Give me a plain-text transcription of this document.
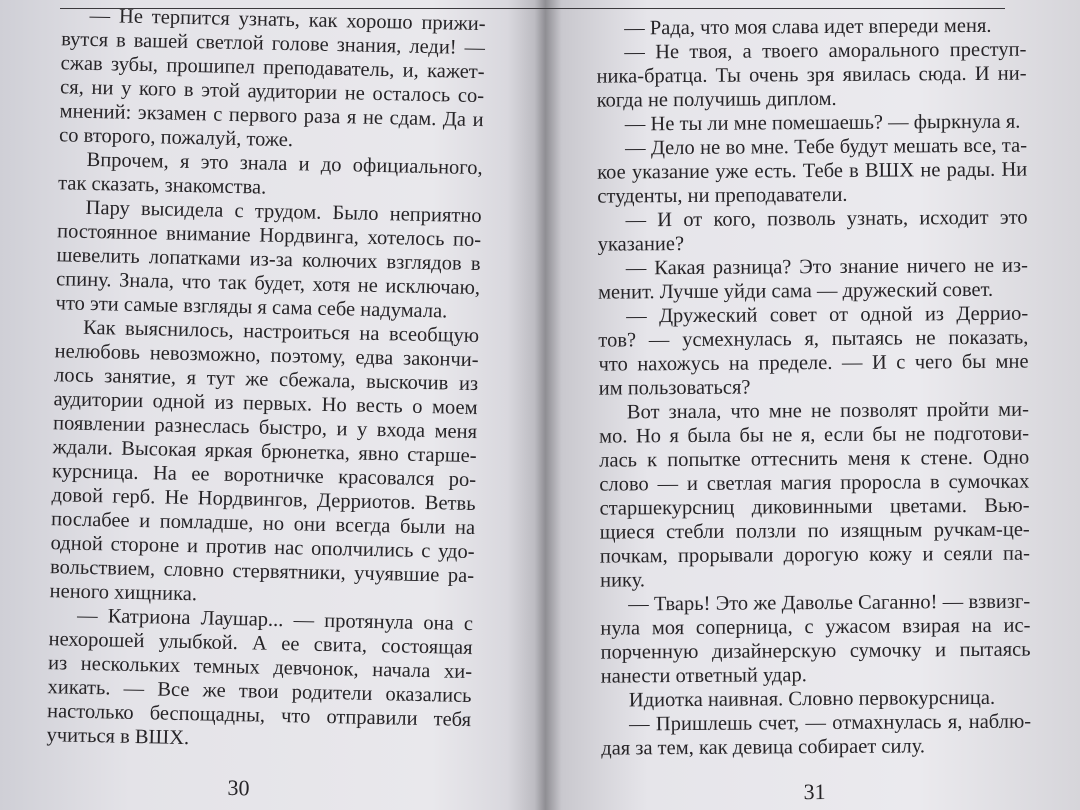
— Не терпится узнать, как хорошо прижи-
вутся в вашей светлой голове знания, леди! —
сжав зубы, прошипел преподаватель, и, кажет-
ся, ни у кого в этой аудитории не осталось со-
мнений: экзамен с первого раза я не сдам. Да и
со второго, пожалуй, тоже.
Впрочем, я это знала и до официального,
так сказать, знакомства.
Пару высидела с трудом. Было неприятно
постоянное внимание Нордвинга, хотелось по-
шевелить лопатками из-за колючих взглядов в
спину. Знала, что так будет, хотя не исключаю,
что эти самые взгляды я сама себе надумала.
Как выяснилось, настроиться на всеобщую
нелюбовь невозможно, поэтому, едва закончи-
лось занятие, я тут же сбежала, выскочив из
аудитории одной из первых. Но весть о моем
появлении разнеслась быстро, и у входа меня
ждали. Высокая яркая брюнетка, явно старше-
курсница. На ее воротничке красовался ро-
довой герб. Не Нордвингов, Дерриотов. Ветвь
послабее и помладше, но они всегда были на
одной стороне и против нас ополчились с удо-
вольствием, словно стервятники, учуявшие ра-
неного хищника.
— Катриона Лаушар... — протянула она с
нехорошей улыбкой. А ее свита, состоящая
из нескольких темных девчонок, начала хи-
хикать. — Все же твои родители оказались
настолько беспощадны, что отправили тебя
учиться в ВШХ.
30
— Рада, что моя слава идет впереди меня.
— Не твоя, а твоего аморального преступ-
ника-братца. Ты очень зря явилась сюда. И ни-
когда не получишь диплом.
— Не ты ли мне помешаешь? — фыркнула я.
— Дело не во мне. Тебе будут мешать все, та-
кое указание уже есть. Тебе в ВШХ не рады. Ни
студенты, ни преподаватели.
— И от кого, позволь узнать, исходит это
указание?
— Какая разница? Это знание ничего не из-
менит. Лучше уйди сама — дружеский совет.
— Дружеский совет от одной из Деррио-
тов? — усмехнулась я, пытаясь не показать,
что нахожусь на пределе. — И с чего бы мне
им пользоваться?
Вот знала, что мне не позволят пройти ми-
мо. Но я была бы не я, если бы не подготови-
лась к попытке оттеснить меня к стене. Одно
слово — и светлая магия проросла в сумочках
старшекурсниц диковинными цветами. Вью-
щиеся стебли ползли по изящным ручкам-це-
почкам, прорывали дорогую кожу и сеяли па-
нику.
— Тварь! Это же Давольe Саганно! — взвизг-
нула моя соперница, с ужасом взирая на ис-
порченную дизайнерскую сумочку и пытаясь
нанести ответный удар.
Идиотка наивная. Словно первокурсница.
— Пришлешь счет, — отмахнулась я, наблю-
дая за тем, как девица собирает силу.
31
